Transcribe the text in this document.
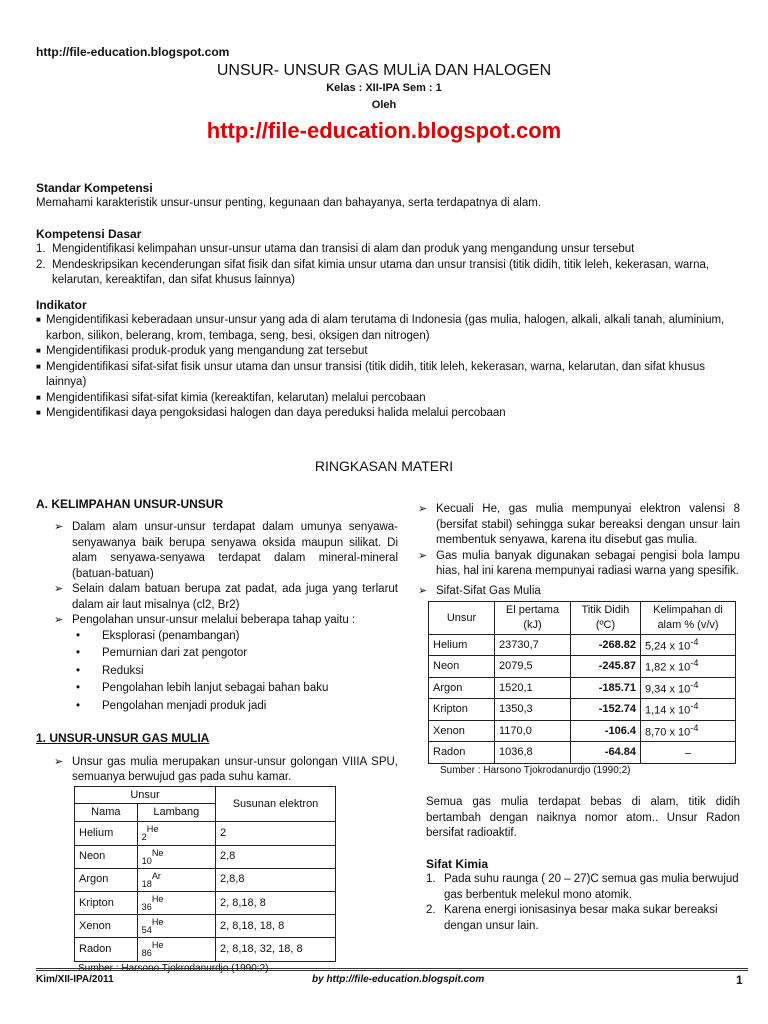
http://file-education.blogspot.com
UNSUR- UNSUR GAS MULiA DAN HALOGEN
Kelas : XII-IPA Sem : 1
Oleh
http://file-education.blogspot.com
Standar Kompetensi
Memahami karakteristik unsur-unsur penting, kegunaan dan bahayanya, serta terdapatnya di alam.
Kompetensi Dasar
1. Mengidentifikasi kelimpahan unsur-unsur utama dan transisi di alam dan produk yang mengandung unsur tersebut
2. Mendeskripsikan kecenderungan sifat fisik dan sifat kimia unsur utama dan unsur transisi (titik didih, titik leleh, kekerasan, warna, kelarutan, kereaktifan, dan sifat khusus lainnya)
Indikator
■ Mengidentifikasi keberadaan unsur-unsur yang ada di alam terutama di Indonesia (gas mulia, halogen, alkali, alkali tanah, aluminium, karbon, silikon, belerang, krom, tembaga, seng, besi, oksigen dan nitrogen)
■ Mengidentifikasi produk-produk yang mengandung zat tersebut
■ Mengidentifikasi sifat-sifat fisik unsur utama dan unsur transisi (titik didih, titik leleh, kekerasan, warna, kelarutan, dan sifat khusus lainnya)
■ Mengidentifikasi sifat-sifat kimia (kereaktifan, kelarutan) melalui percobaan
■ Mengidentifikasi daya pengoksidasi halogen dan daya pereduksi halida melalui percobaan
RINGKASAN MATERI
A. KELIMPAHAN UNSUR-UNSUR
➢ Dalam alam unsur-unsur terdapat dalam umunya senyawa-senyawanya baik berupa senyawa oksida maupun silikat. Di alam senyawa-senyawa terdapat dalam mineral-mineral (batuan-batuan)
➢ Selain dalam batuan berupa zat padat, ada juga yang terlarut dalam air laut misalnya (cl2, Br2)
➢ Pengolahan unsur-unsur melalui beberapa tahap yaitu :
•	Eksplorasi (penambangan)
•	Pemurnian dari zat pengotor
•	Reduksi
•	Pengolahan lebih lanjut sebagai bahan baku
•	Pengolahan menjadi produk jadi
1. UNSUR-UNSUR GAS MULIA
➢ Unsur gas mulia merupakan unsur-unsur golongan VIIIA SPU, semuanya berwujud gas pada suhu kamar.
Unsur		Susunan elektron
Nama	Lambang	
Helium	$_2^{He}$	2
Neon	$_{10}^{Ne}$	2,8
Argon	$_{18}^{Ar}$	2,8,8
Kripton	$_{36}^{He}$	2, 8,18, 8
Xenon	$_{54}^{He}$	2, 8,18, 18, 8
Radon	$_{86}^{He}$	2, 8,18, 32, 18, 8
Sumber : Harsono Tjokrodanurdjo (1990;2)
➢ Kecuali He, gas mulia mempunyai elektron valensi 8 (bersifat stabil) sehingga sukar bereaksi dengan unsur lain membentuk senyawa, karena itu disebut gas mulia.
➢ Gas mulia banyak digunakan sebagai pengisi bola lampu hias, hal ini karena mempunyai radiasi warna yang spesifik.
➢ Sifat-Sifat Gas Mulia
Unsur	El pertama (kJ)	Titik Didih (ºC)	Kelimpahan di alam % (v/v)
Helium	23730,7	-268.82	5,24 x $10^{-4}$
Neon	2079,5	-245.87	1,82 x $10^{-4}$
Argon	1520,1	-185.71	9,34 x $10^{-4}$
Kripton	1350,3	-152.74	1,14 x $10^{-4}$
Xenon	1170,0	-106.4	8,70 x $10^{-4}$
Radon	1036,8	-64.84	–
Sumber : Harsono Tjokrodanurdjo (1990;2)
Semua gas mulia terdapat bebas di alam, titik didih bertambah dengan naiknya nomor atom.. Unsur Radon bersifat radioaktif.
Sifat Kimia
1. Pada suhu raunga ( 20 – 27)C semua gas mulia berwujud gas berbentuk melekul mono atomik.
2. Karena energi ionisasinya besar maka sukar bereaksi dengan unsur lain.
Kim/XII-IPA/2011	by http://file-education.blogspit.com	1
